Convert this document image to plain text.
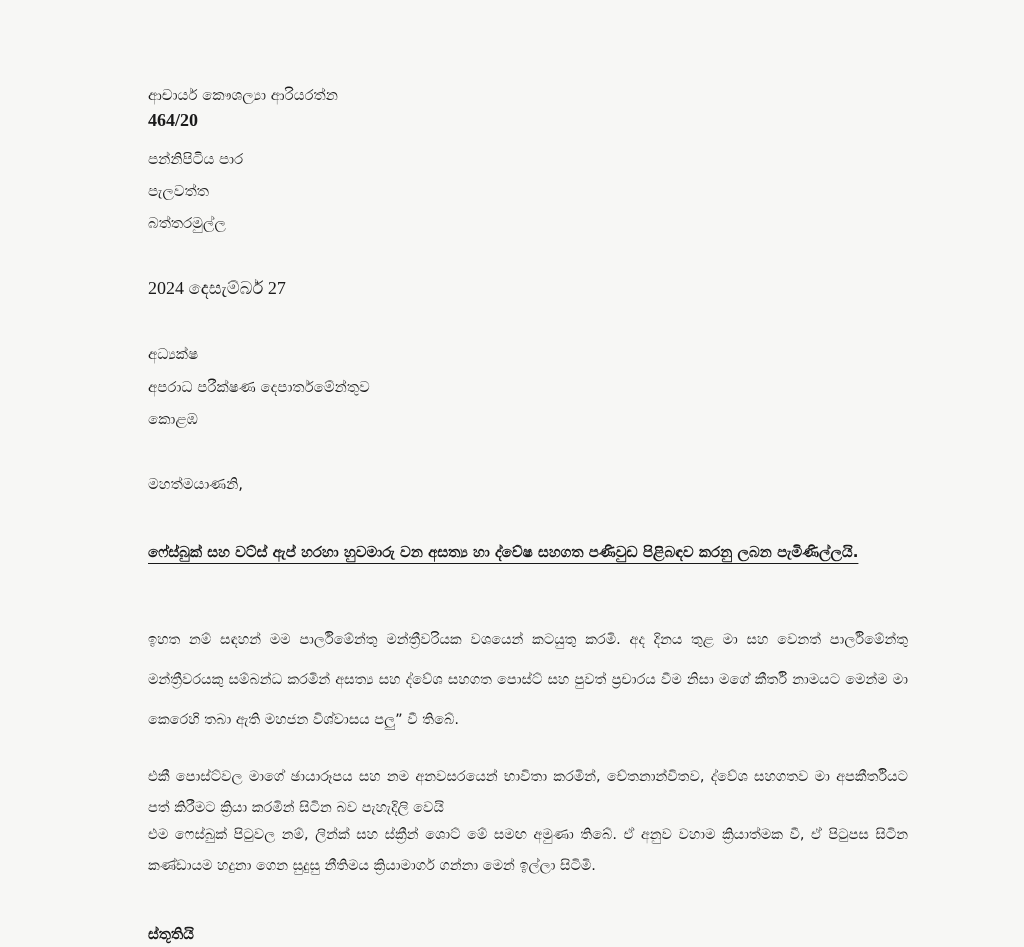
ආචාර්ය කෞශල්‍යා ආරියරත්න
464/20
පන්නිපිටිය පාර
පැලවත්ත
බත්තරමුල්ල
2024 දෙසැම්බර් 27
අධ්‍යක්ෂ
අපරාධ පරීක්ෂණ දෙපාර්තමේන්තුව
කොළඹ
මහත්මයාණනි,
ෆේස්බුක් සහ වට්ස් ඇප් හරහා හුවමාරු වන අසත්‍ය හා ද්වේෂ සහගත පණිවුඩ පිළිබඳව කරනු ලබන පැමිණිල්ලයි.
ඉහත නම් සඳහන් මම පාර්ලිමේන්තු මන්ත්‍රීවරියක වශයෙන් කටයුතු කරමි. අද දිනය තුළ මා සහ වෙනත් පාර්ලිමේන්තු මන්ත්‍රීවරයකු සම්බන්ධ කරමින් අසත්‍ය සහ ද්වේශ සහගත පොස්ට් සහ පුවත් ප්‍රචාරය වීම නිසා මගේ කීර්ති නාමයට මෙන්ම මා කෙරෙහි තබා ඇති මහජන විශ්වාසය පලු” වී තිබේ.
එකී පොස්ට්වල මාගේ ඡායාරූපය සහ නම අනවසරයෙන් භාවිතා කරමින්, චේතනාන්විතව, ද්වේශ සහගතව මා අපකීර්තියට පත් කිරීමට ක්‍රියා කරමින් සිටින බව පැහැදිලි වෙයි
එම ෆෙස්බුක් පිටුවල නම්, ලින්ක් සහ ස්ක්‍රීන් ශොට් මේ සමඟ අමුණා තිබේ. ඒ අනුව වහාම ක්‍රියාත්මක වී, ඒ පිටුපස සිටින කණ්ඩායම හදුනා ගෙන සුදුසු නීතිමය ක්‍රියාමාර්ග ගන්නා මෙන් ඉල්ලා සිටිමි.
ස්තූතියි
